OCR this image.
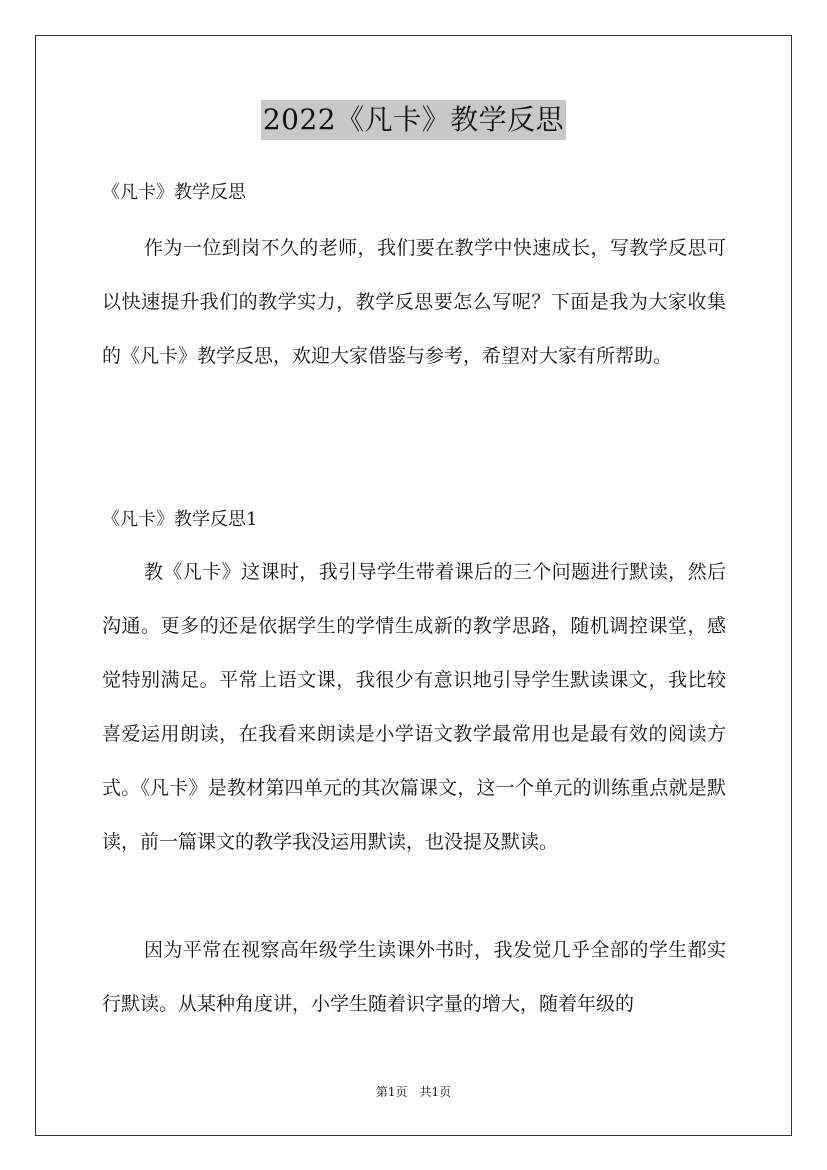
2022《凡卡》教学反思
《凡卡》教学反思

作为一位到岗不久的老师，我们要在教学中快速成长，写教学反思可以快速提升我们的教学实力，教学反思要怎么写呢？下面是我为大家收集的《凡卡》教学反思，欢迎大家借鉴与参考，希望对大家有所帮助。

《凡卡》教学反思1

教《凡卡》这课时，我引导学生带着课后的三个问题进行默读，然后沟通。更多的还是依据学生的学情生成新的教学思路，随机调控课堂，感觉特别满足。平常上语文课，我很少有意识地引导学生默读课文，我比较喜爱运用朗读，在我看来朗读是小学语文教学最常用也是最有效的阅读方式。《凡卡》是教材第四单元的其次篇课文，这一个单元的训练重点就是默读，前一篇课文的教学我没运用默读，也没提及默读。

因为平常在视察高年级学生读课外书时，我发觉几乎全部的学生都实行默读。从某种角度讲，小学生随着识字量的增大，随着年级的

第1页　共1页
